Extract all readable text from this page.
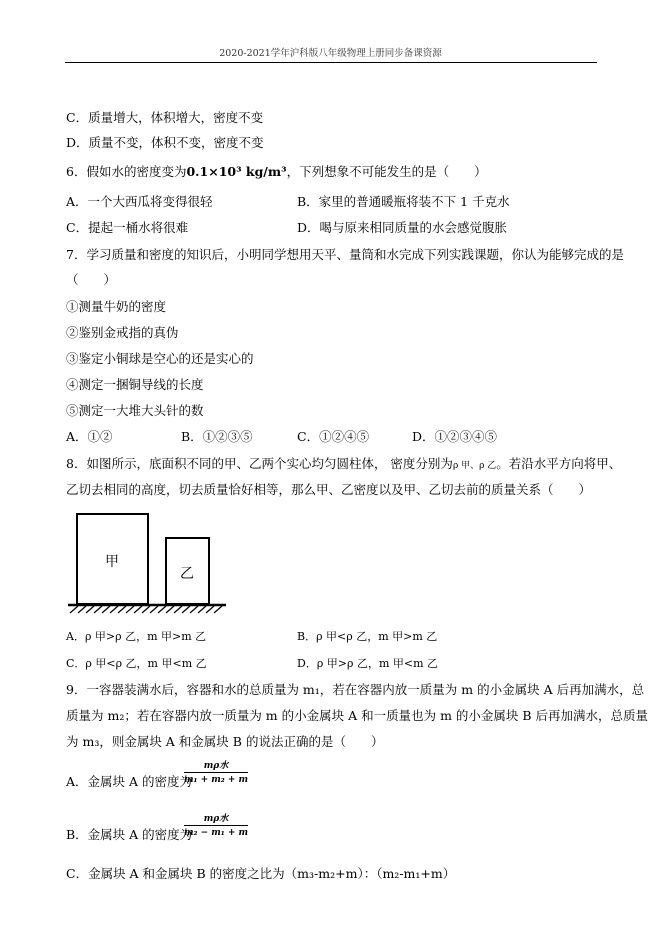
2020-2021学年沪科版八年级物理上册同步备课资源
C．质量增大，体积增大，密度不变
D．质量不变，体积不变，密度不变
6．假如水的密度变为0.1×10³ kg/m³，下列想象不可能发生的是（　　）
A．一个大西瓜将变得很轻	B．家里的普通暖瓶将装不下 1 千克水
C．提起一桶水将很难	D．喝与原来相同质量的水会感觉腹胀
7．学习质量和密度的知识后，小明同学想用天平、量筒和水完成下列实践课题，你认为能够完成的是
（　　）
①测量牛奶的密度
②鉴别金戒指的真伪
③鉴定小铜球是空心的还是实心的
④测定一捆铜导线的长度
⑤测定一大堆大头针的数
A．①②	B．①②③⑤	C．①②④⑤	D．①②③④⑤
8．如图所示，底面积不同的甲、乙两个实心均匀圆柱体， 密度分别为ρ 甲、ρ 乙。若沿水平方向将甲、
乙切去相同的高度，切去质量恰好相等，那么甲、乙密度以及甲、乙切去前的质量关系（　　）
甲
乙
A．ρ 甲>ρ 乙，m 甲>m 乙	B．ρ 甲<ρ 乙，m 甲>m 乙
C．ρ 甲<ρ 乙，m 甲<m 乙	D．ρ 甲>ρ 乙，m 甲<m 乙
9．一容器装满水后，容器和水的总质量为 m₁，若在容器内放一质量为 m 的小金属块 A 后再加满水，总
质量为 m₂；若在容器内放一质量为 m 的小金属块 A 和一质量也为 m 的小金属块 B 后再加满水，总质量
为 m₃，则金属块 A 和金属块 B 的说法正确的是（　　）
A．金属块 A 的密度为
mρ水
m₁ + m₂ + m
B．金属块 A 的密度为
mρ水
m₂ − m₁ + m
C．金属块 A 和金属块 B 的密度之比为（m₃-m₂+m）：（m₂-m₁+m）
